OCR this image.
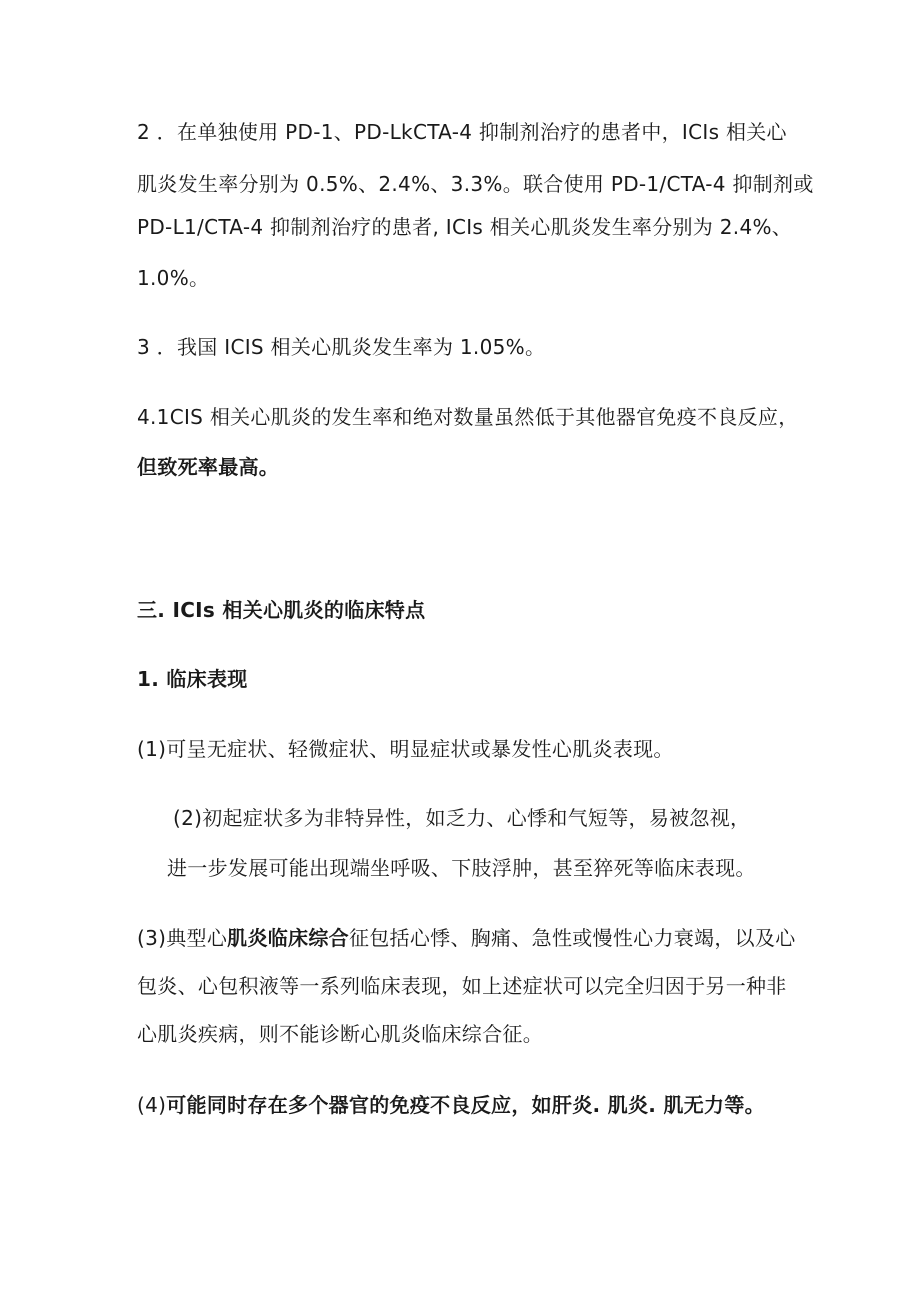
2 ．在单独使用 PD-1、PD-LkCTA-4 抑制剂治疗的患者中，ICIs 相关心
肌炎发生率分别为 0.5%、2.4%、3.3%。联合使用 PD-1/CTA-4 抑制剂或
PD-L1/CTA-4 抑制剂治疗的患者, ICIs 相关心肌炎发生率分别为 2.4%、
1.0%。
3 ．我国 ICIS 相关心肌炎发生率为 1.05%。
4.1CIS 相关心肌炎的发生率和绝对数量虽然低于其他器官免疫不良反应，
但致死率最高。
三. ICIs 相关心肌炎的临床特点
1. 临床表现
(1)可呈无症状、轻微症状、明显症状或暴发性心肌炎表现。
(2)初起症状多为非特异性，如乏力、心悸和气短等，易被忽视，
进一步发展可能出现端坐呼吸、下肢浮肿，甚至猝死等临床表现。
(3)典型心肌炎临床综合征包括心悸、胸痛、急性或慢性心力衰竭，以及心
包炎、心包积液等一系列临床表现，如上述症状可以完全归因于另一种非
心肌炎疾病，则不能诊断心肌炎临床综合征。
(4)可能同时存在多个器官的免疫不良反应，如肝炎. 肌炎. 肌无力等。
